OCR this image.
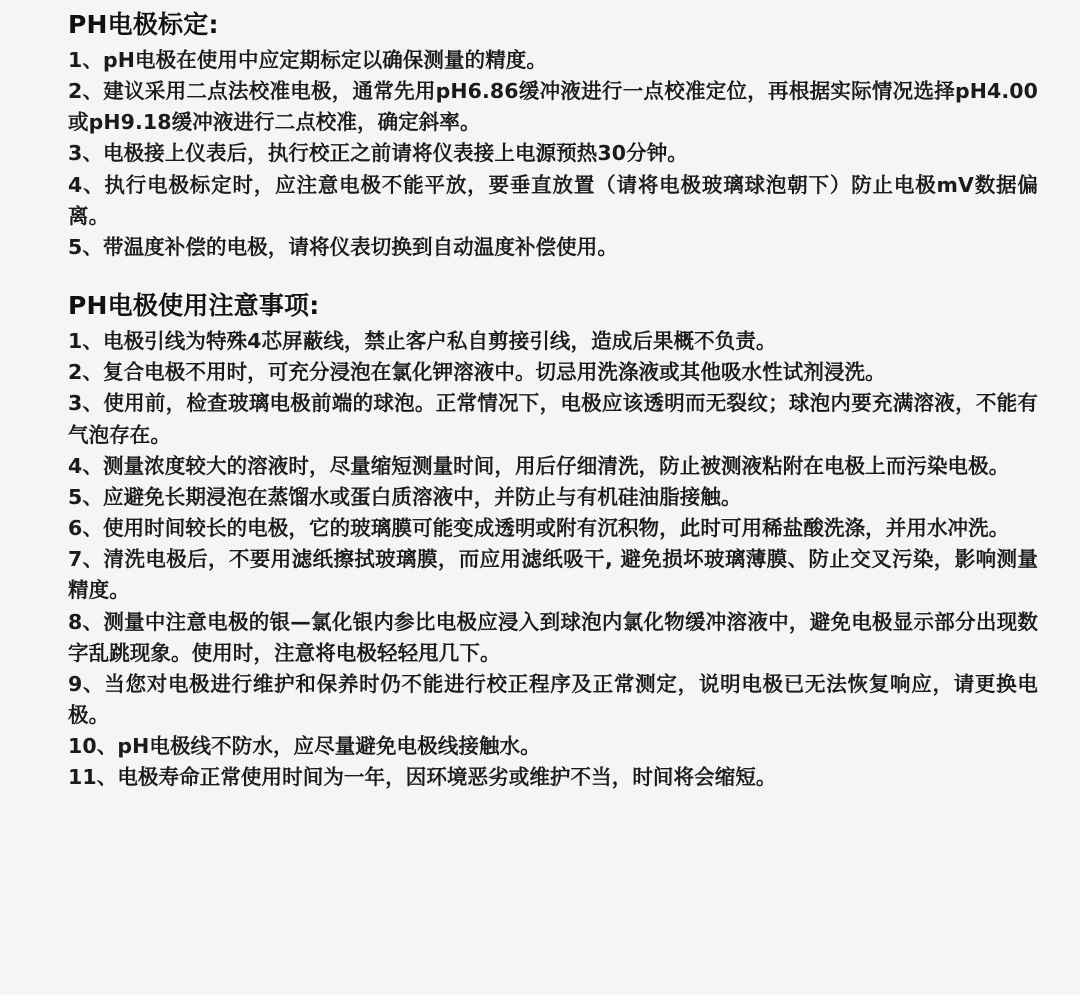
PH电极标定:

1、pH电极在使用中应定期标定以确保测量的精度。

2、建议采用二点法校准电极，通常先用pH6.86缓冲液进行一点校准定位，再根据实际情况选择pH4.00或pH9.18缓冲液进行二点校准，确定斜率。

3、电极接上仪表后，执行校正之前请将仪表接上电源预热30分钟。

4、执行电极标定时，应注意电极不能平放，要垂直放置（请将电极玻璃球泡朝下）防止电极mV数据偏离。

5、带温度补偿的电极，请将仪表切换到自动温度补偿使用。

PH电极使用注意事项:

1、电极引线为特殊4芯屏蔽线，禁止客户私自剪接引线，造成后果概不负责。

2、复合电极不用时，可充分浸泡在氯化钾溶液中。切忌用洗涤液或其他吸水性试剂浸洗。

3、使用前，检查玻璃电极前端的球泡。正常情况下，电极应该透明而无裂纹；球泡内要充满溶液，不能有气泡存在。

4、测量浓度较大的溶液时，尽量缩短测量时间，用后仔细清洗，防止被测液粘附在电极上而污染电极。

5、应避免长期浸泡在蒸馏水或蛋白质溶液中，并防止与有机硅油脂接触。

6、使用时间较长的电极，它的玻璃膜可能变成透明或附有沉积物，此时可用稀盐酸洗涤，并用水冲洗。

7、清洗电极后，不要用滤纸擦拭玻璃膜，而应用滤纸吸干, 避免损坏玻璃薄膜、防止交叉污染，影响测量精度。

8、测量中注意电极的银—氯化银内参比电极应浸入到球泡内氯化物缓冲溶液中，避免电极显示部分出现数字乱跳现象。使用时，注意将电极轻轻甩几下。

9、当您对电极进行维护和保养时仍不能进行校正程序及正常测定，说明电极已无法恢复响应，请更换电极。

10、pH电极线不防水，应尽量避免电极线接触水。

11、电极寿命正常使用时间为一年，因环境恶劣或维护不当，时间将会缩短。
